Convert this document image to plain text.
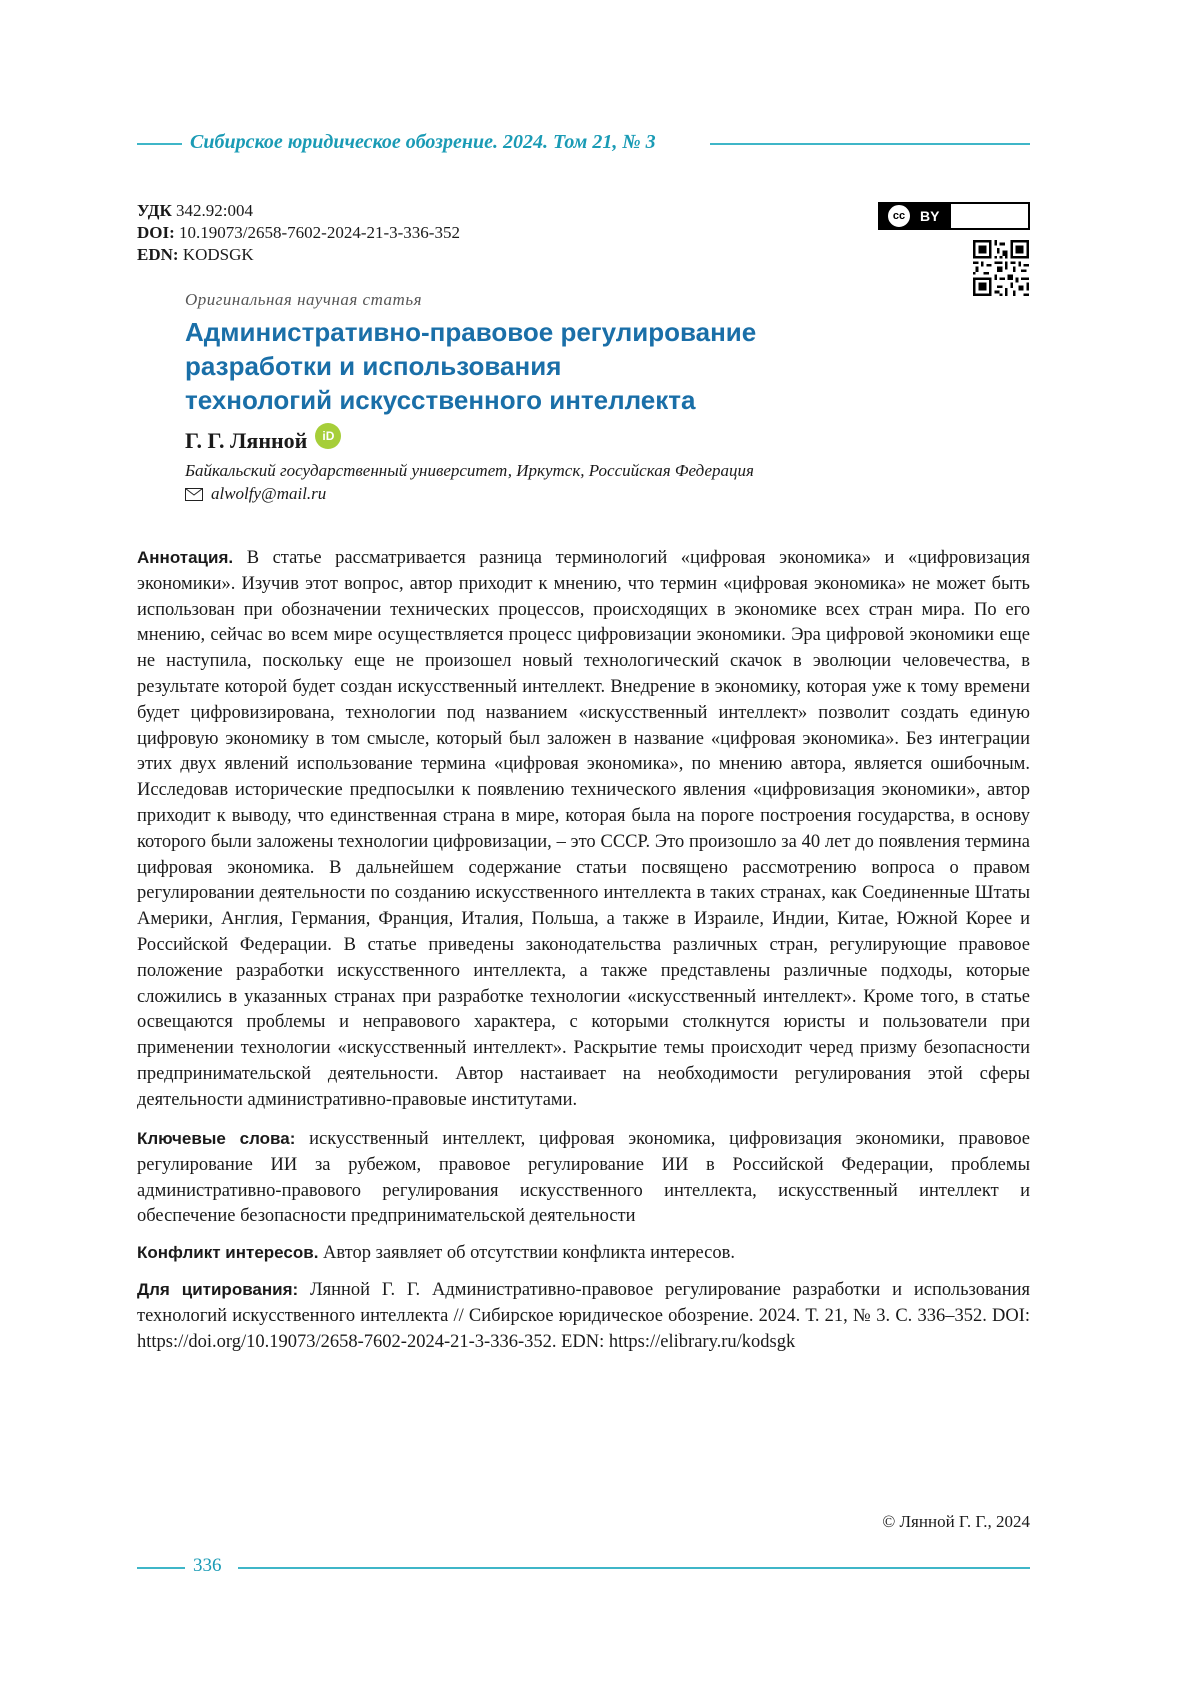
Сибирское юридическое обозрение. 2024. Том 21, № 3
УДК 342.92:004
DOI: 10.19073/2658-7602-2024-21-3-336-352
EDN: KODSGK
cc	BY
Оригинальная научная статья
Административно-правовое регулирование
разработки и использования
технологий искусственного интеллекта
Г. Г. Лянной	iD
Байкальский государственный университет, Иркутск, Российская Федерация
alwolfy@mail.ru
Аннотация. В статье рассматривается разница терминологий «цифровая экономика» и «цифровизация экономики». Изучив этот вопрос, автор приходит к мнению, что термин «цифровая экономика» не может быть использован при обозначении технических процессов, происходящих в экономике всех стран мира. По его мнению, сейчас во всем мире осуществляется процесс цифровизации экономики. Эра цифровой экономики еще не наступила, поскольку еще не произошел новый технологический скачок в эволюции человечества, в результате которой будет создан искусственный интеллект. Внедрение в экономику, которая уже к тому времени будет цифровизирована, технологии под названием «искусственный интеллект» позволит создать единую цифровую экономику в том смысле, который был заложен в название «цифровая экономика». Без интеграции этих двух явлений использование термина «цифровая экономика», по мнению автора, является ошибочным. Исследовав исторические предпосылки к появлению технического явления «цифровизация экономики», автор приходит к выводу, что единственная страна в мире, которая была на пороге построения государства, в основу которого были заложены технологии цифровизации, – это СССР. Это произошло за 40 лет до появления термина цифровая экономика. В дальнейшем содержание статьи посвящено рассмотрению вопроса о правом регулировании деятельности по созданию искусственного интеллекта в таких странах, как Соединенные Штаты Америки, Англия, Германия, Франция, Италия, Польша, а также в Израиле, Индии, Китае, Южной Корее и Российской Федерации. В статье приведены законодательства различных стран, регулирующие правовое положение разработки искусственного интеллекта, а также представлены различные подходы, которые сложились в указанных странах при разработке технологии «искусственный интеллект». Кроме того, в статье освещаются проблемы и неправового характера, с которыми столкнутся юристы и пользователи при применении технологии «искусственный интеллект». Раскрытие темы происходит черед призму безопасности предпринимательской деятельности. Автор настаивает на необходимости регулирования этой сферы деятельности административно-правовые институтами.
Ключевые слова: искусственный интеллект, цифровая экономика, цифровизация экономики, правовое регулирование ИИ за рубежом, правовое регулирование ИИ в Российской Федерации, проблемы административно-правового регулирования искусственного интеллекта, искусственный интеллект и обеспечение безопасности предпринимательской деятельности
Конфликт интересов. Автор заявляет об отсутствии конфликта интересов.
Для цитирования: Лянной Г. Г. Административно-правовое регулирование разработки и использования технологий искусственного интеллекта // Сибирское юридическое обозрение. 2024. Т. 21, № 3. С. 336–352. DOI: https://doi.org/10.19073/2658-7602-2024-21-3-336-352. EDN: https://elibrary.ru/kodsgk
© Лянной Г. Г., 2024
336
